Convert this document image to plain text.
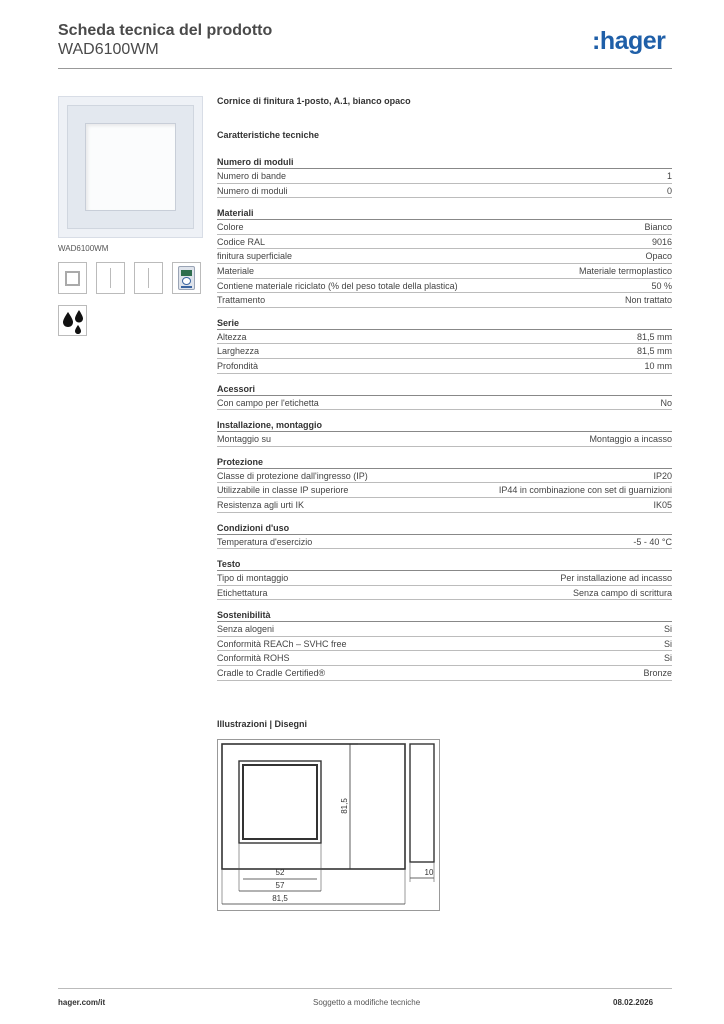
Scheda tecnica del prodotto
WAD6100WM	:hager
WAD6100WM
Cornice di finitura 1-posto, A.1, bianco opaco
Caratteristiche tecniche
Numero di moduli
Numero di bande	1
Numero di moduli	0
Materiali
Colore	Bianco
Codice RAL	9016
finitura superficiale	Opaco
Materiale	Materiale termoplastico
Contiene materiale riciclato (% del peso totale della plastica)	50 %
Trattamento	Non trattato
Serie
Altezza	81,5 mm
Larghezza	81,5 mm
Profondità	10 mm
Acessori
Con campo per l'etichetta	No
Installazione, montaggio
Montaggio su	Montaggio a incasso
Protezione
Classe di protezione dall'ingresso (IP)	IP20
Utilizzabile in classe IP superiore	IP44 in combinazione con set di guarnizioni
Resistenza agli urti IK	IK05
Condizioni d'uso
Temperatura d'esercizio	-5 - 40 °C
Testo
Tipo di montaggio	Per installazione ad incasso
Etichettatura	Senza campo di scrittura
Sostenibilità
Senza alogeni	Si
Conformità REACh – SVHC free	Si
Conformità ROHS	Si
Cradle to Cradle Certified®	Bronze
Illustrazioni | Disegni
52
57
81,5
81,5
10
hager.com/it	Soggetto a modifiche tecniche	08.02.2026
